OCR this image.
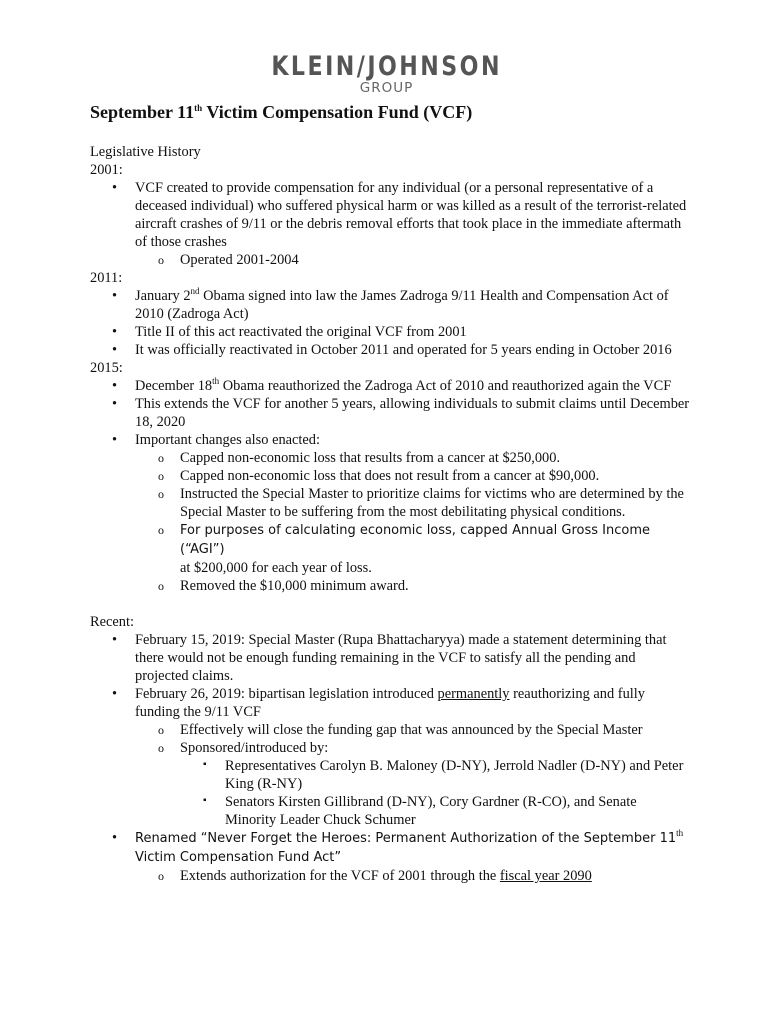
KLEIN/JOHNSON
GROUP
September 11th Victim Compensation Fund (VCF)

Legislative History

2001:

• VCF created to provide compensation for any individual (or a personal representative of a deceased individual) who suffered physical harm or was killed as a result of the terrorist-related aircraft crashes of 9/11 or the debris removal efforts that took place in the immediate aftermath of those crashes
o Operated 2001-2004

2011:

• January 2nd Obama signed into law the James Zadroga 9/11 Health and Compensation Act of 2010 (Zadroga Act)
• Title II of this act reactivated the original VCF from 2001
• It was officially reactivated in October 2011 and operated for 5 years ending in October 2016

2015:

• December 18th Obama reauthorized the Zadroga Act of 2010 and reauthorized again the VCF
• This extends the VCF for another 5 years, allowing individuals to submit claims until December 18, 2020
• Important changes also enacted:
o Capped non-economic loss that results from a cancer at $250,000.
o Capped non-economic loss that does not result from a cancer at $90,000.
o Instructed the Special Master to prioritize claims for victims who are determined by the Special Master to be suffering from the most debilitating physical conditions.
o For purposes of calculating economic loss, capped Annual Gross Income (“AGI”)
at $200,000 for each year of loss.
o Removed the $10,000 minimum award.

Recent:

• February 15, 2019: Special Master (Rupa Bhattacharyya) made a statement determining that there would not be enough funding remaining in the VCF to satisfy all the pending and projected claims.
• February 26, 2019: bipartisan legislation introduced permanently reauthorizing and fully funding the 9/11 VCF
o Effectively will close the funding gap that was announced by the Special Master
o Sponsored/introduced by:
▪ Representatives Carolyn B. Maloney (D-NY), Jerrold Nadler (D-NY) and Peter King (R-NY)
▪ Senators Kirsten Gillibrand (D-NY), Cory Gardner (R-CO), and Senate Minority Leader Chuck Schumer
• Renamed “Never Forget the Heroes: Permanent Authorization of the September 11th
Victim Compensation Fund Act”
o Extends authorization for the VCF of 2001 through the fiscal year 2090
